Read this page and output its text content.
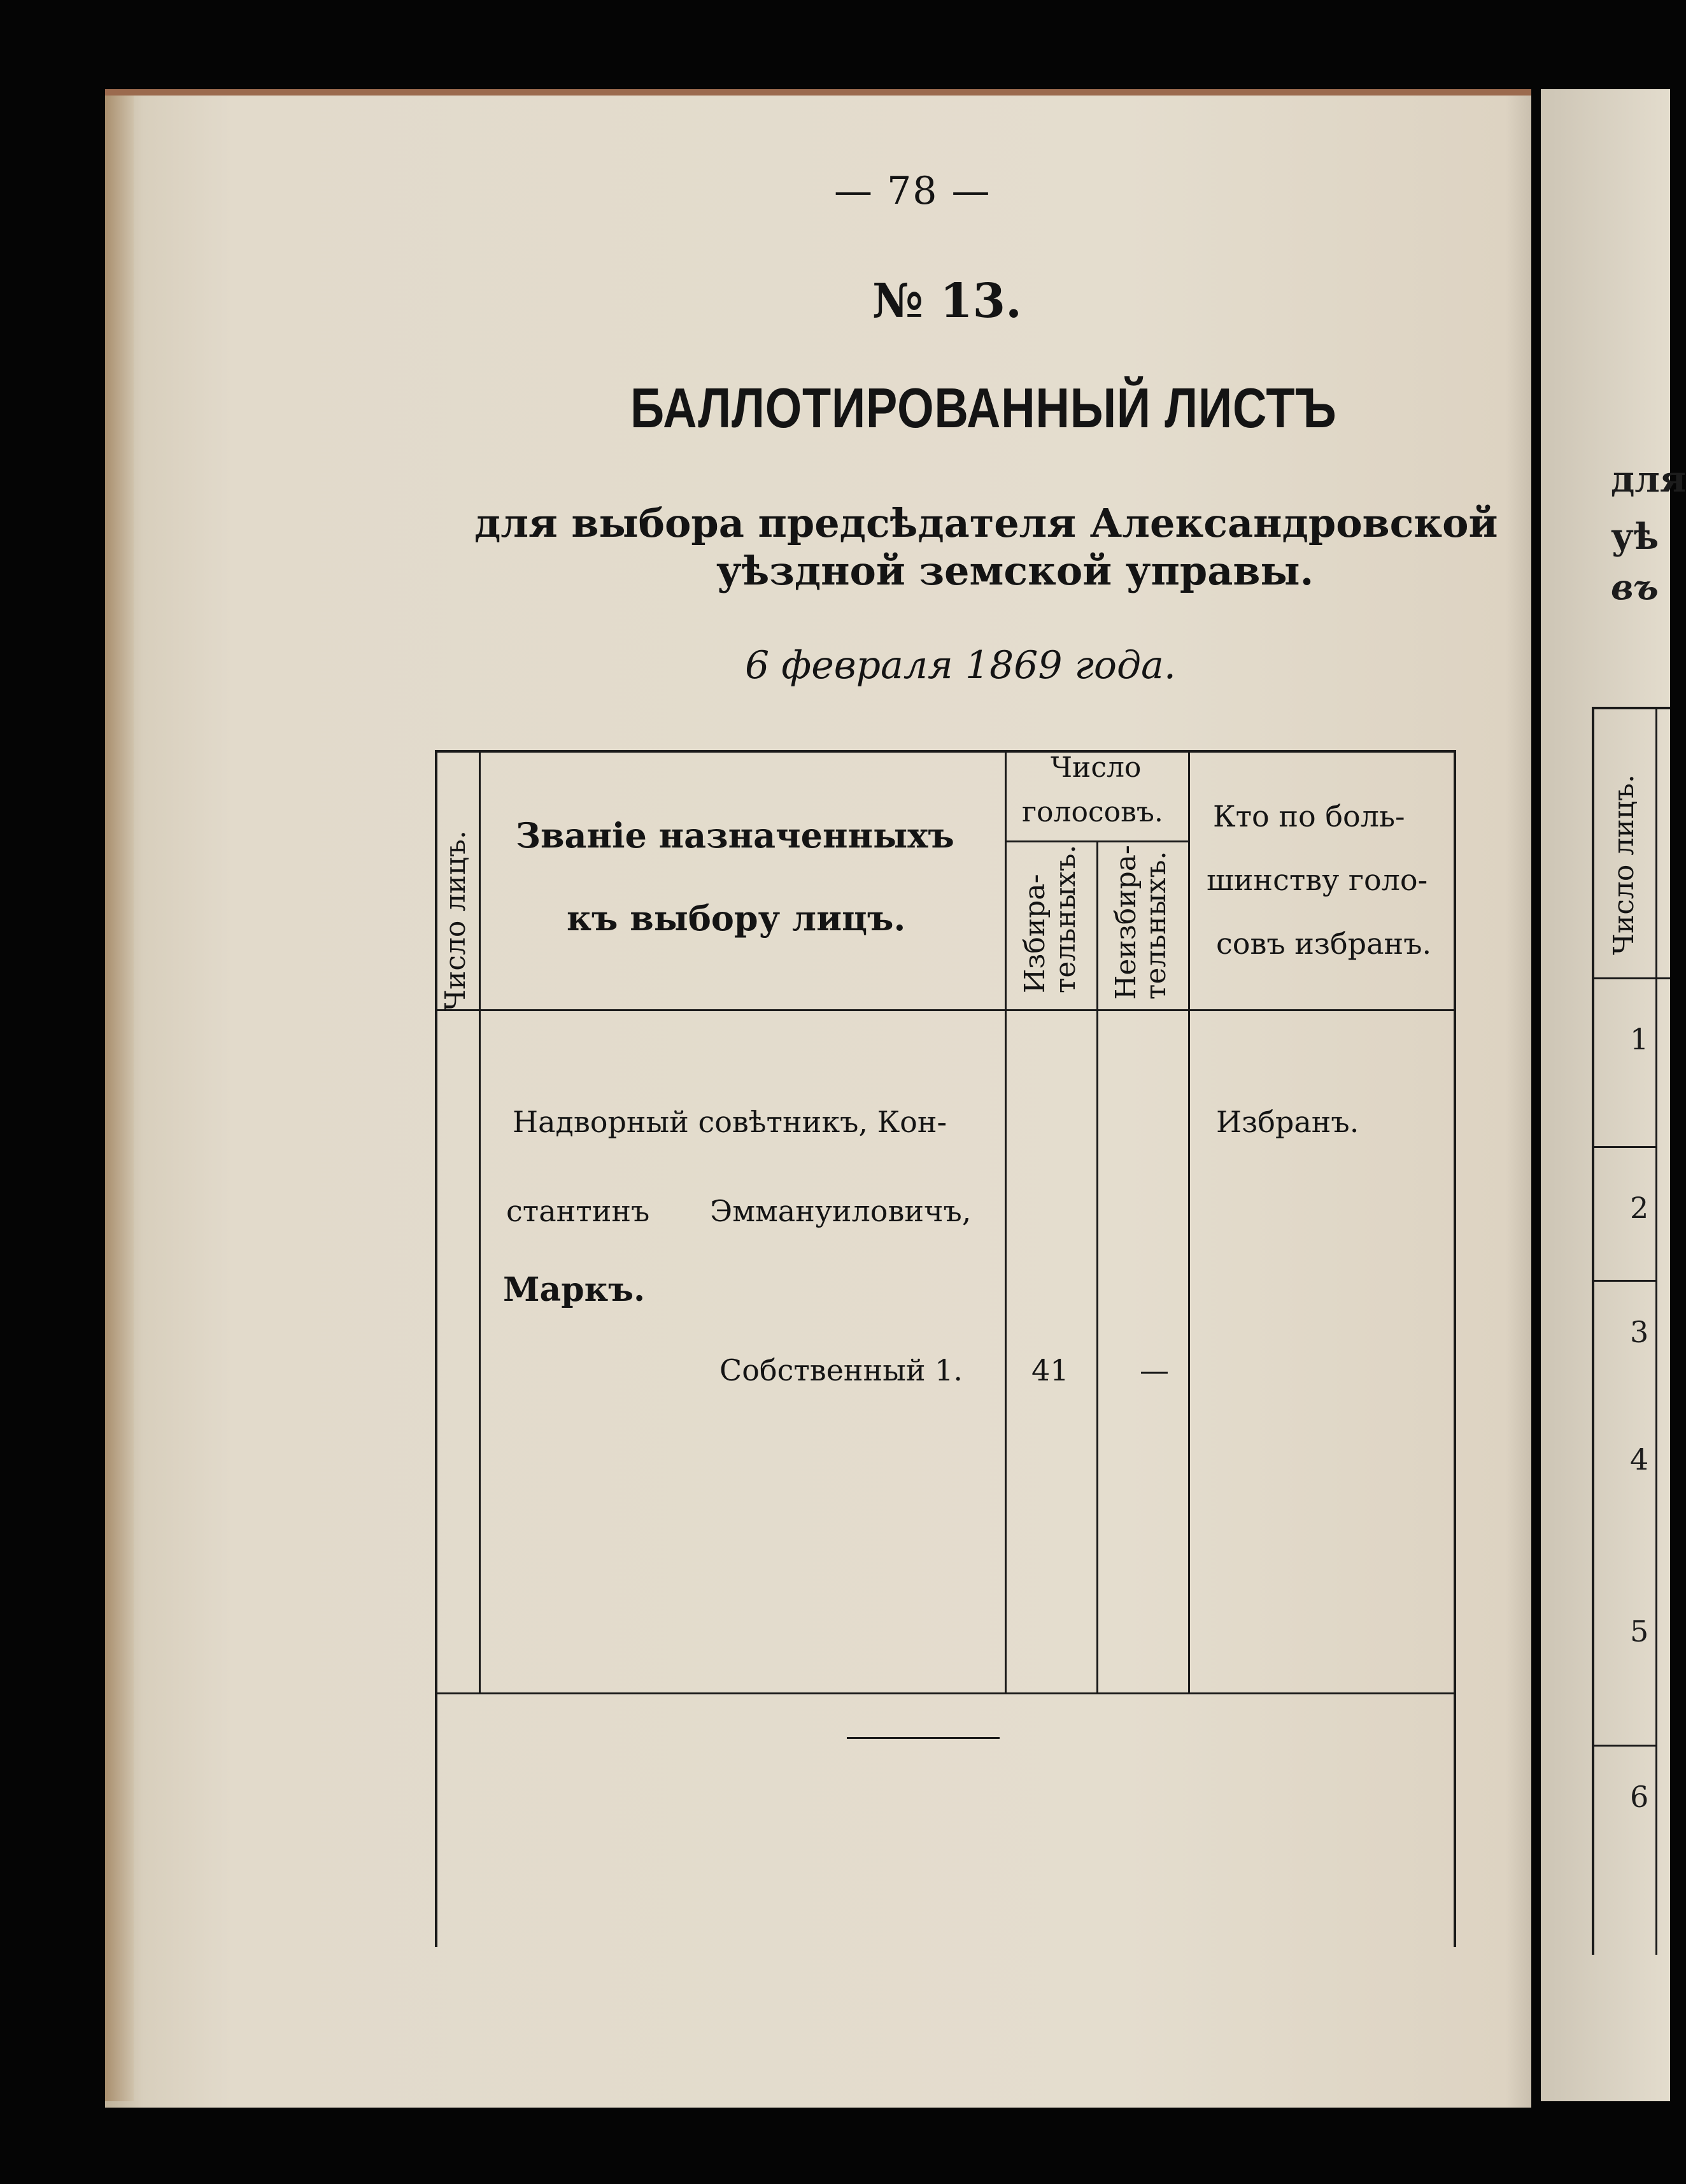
— 78 —
№ 13.
БАЛЛОТИРОВАННЫЙ ЛИСТЪ
для выбора предсѣдателя Александровской
уѣздной земской управы.
6 февраля 1869 года.
Число лицъ. Званіе назначенныхъ
къ выбору лицъ.
Число
голосовъ.
Избира-
тельныхъ. Неизбира-
тельныхъ.
Кто по боль-
шинству голо-
совъ избранъ.
Надворный совѣтникъ, Кон-
стантинъ Эммануиловичъ,
Маркъ.
Собственный 1. 41 —
Избранъ.
для
уѣ
въ
Число лицъ.
1
2
3
4
5
6
